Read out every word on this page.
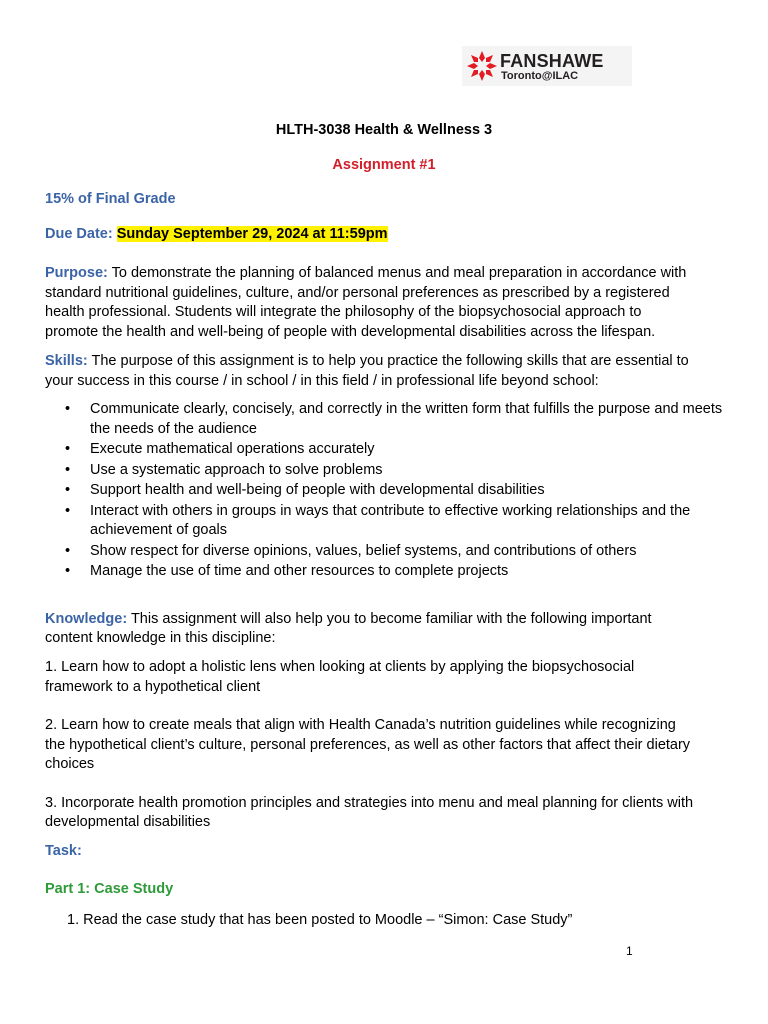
FANSHAWE
Toronto@ILAC
HLTH-3038 Health & Wellness 3
Assignment #1
15% of Final Grade
Due Date: Sunday September 29, 2024 at 11:59pm
Purpose: To demonstrate the planning of balanced menus and meal preparation in accordance with
standard nutritional guidelines, culture, and/or personal preferences as prescribed by a registered
health professional. Students will integrate the philosophy of the biopsychosocial approach to
promote the health and well-being of people with developmental disabilities across the lifespan.
Skills: The purpose of this assignment is to help you practice the following skills that are essential to
your success in this course / in school / in this field / in professional life beyond school:
• Communicate clearly, concisely, and correctly in the written form that fulfills the purpose and meets the needs of the audience
• Execute mathematical operations accurately
• Use a systematic approach to solve problems
• Support health and well-being of people with developmental disabilities
• Interact with others in groups in ways that contribute to effective working relationships and the achievement of goals
• Show respect for diverse opinions, values, belief systems, and contributions of others
• Manage the use of time and other resources to complete projects
Knowledge: This assignment will also help you to become familiar with the following important
content knowledge in this discipline:
1. Learn how to adopt a holistic lens when looking at clients by applying the biopsychosocial
framework to a hypothetical client
2. Learn how to create meals that align with Health Canada’s nutrition guidelines while recognizing
the hypothetical client’s culture, personal preferences, as well as other factors that affect their dietary
choices
3. Incorporate health promotion principles and strategies into menu and meal planning for clients with
developmental disabilities
Task:
Part 1: Case Study
1. Read the case study that has been posted to Moodle – “Simon: Case Study”
1
